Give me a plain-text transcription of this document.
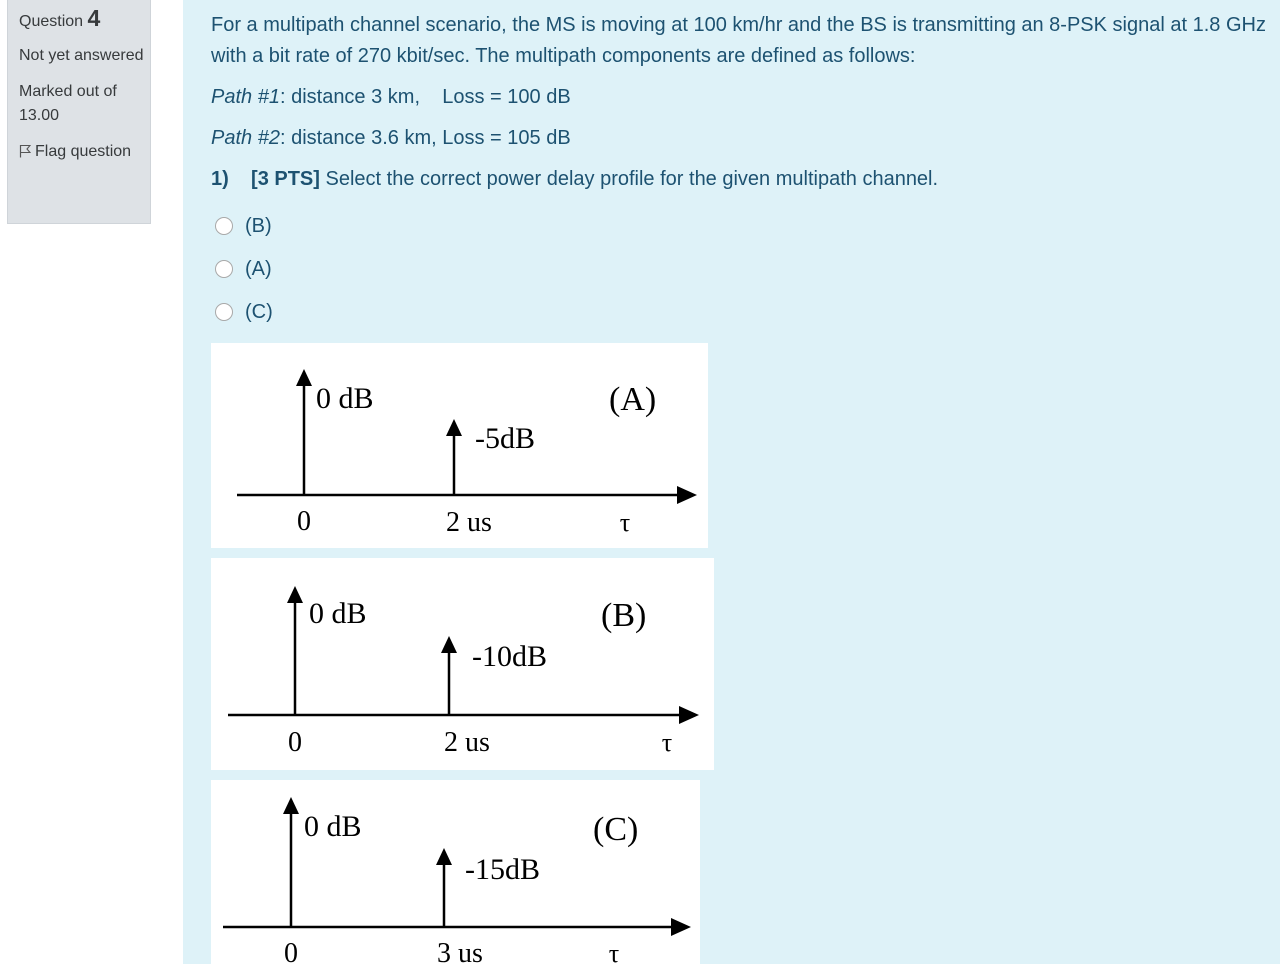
Question 4
Not yet answered
Marked out of 13.00
Flag question
For a multipath channel scenario, the MS is moving at 100 km/hr and the BS is transmitting an 8-PSK signal at 1.8 GHz with a bit rate of 270 kbit/sec. The multipath components are defined as follows:
Path #1: distance 3 km,    Loss = 100 dB
Path #2: distance 3.6 km, Loss = 105 dB
1) [3 PTS] Select the correct power delay profile for the given multipath channel.
(B)
(A)
(C)
0 dB
-5dB
(A)
0	2 us	τ
0 dB
-10dB
(B)
0	2 us	τ
0 dB
-15dB
(C)
0	3 us	τ
